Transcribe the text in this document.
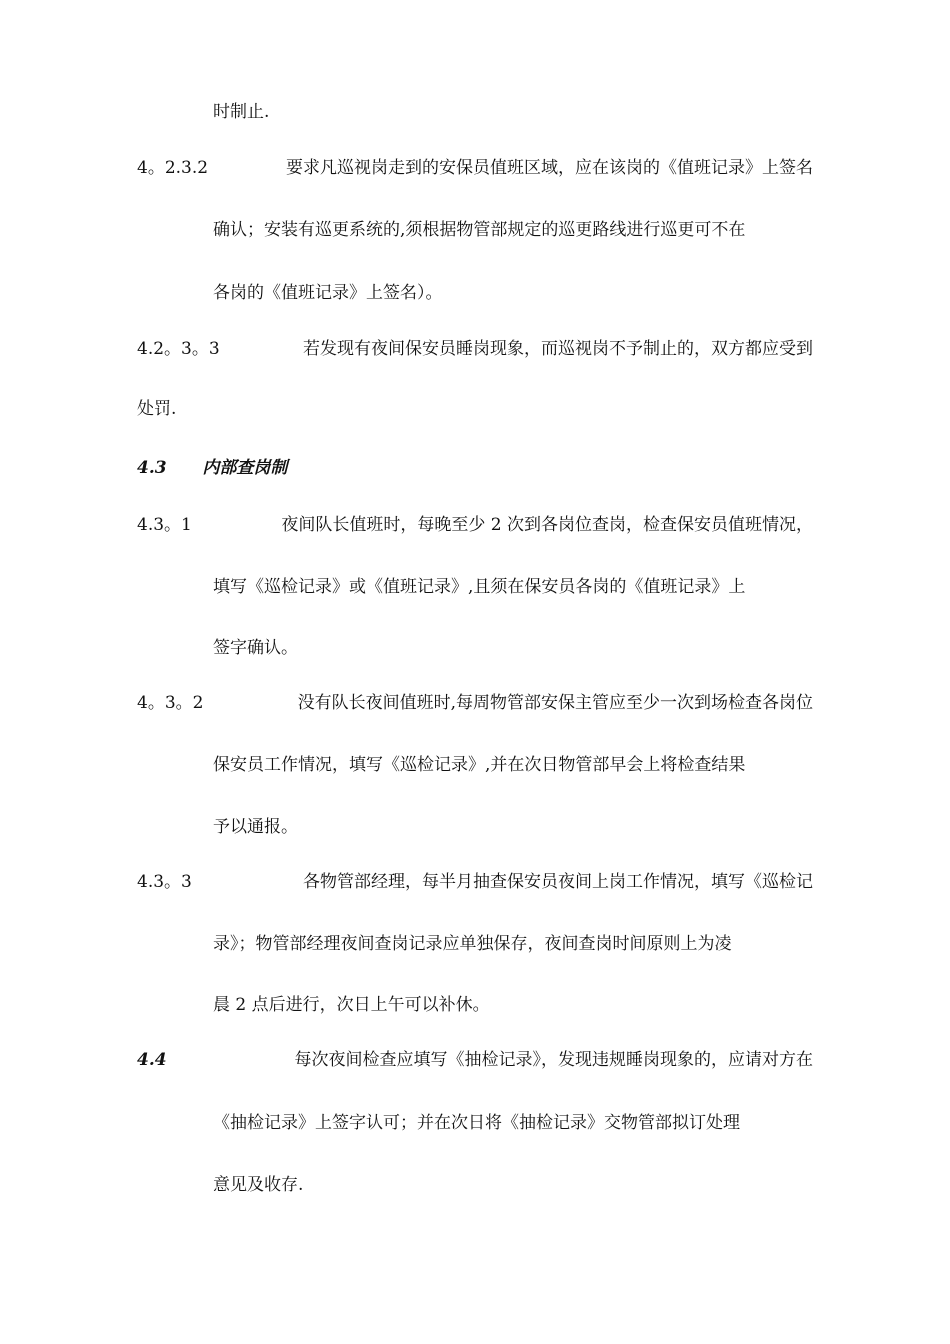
时制止.
4。2.3.2	要求凡巡视岗走到的安保员值班区域，应在该岗的《值班记录》上签名
确认；安装有巡更系统的,须根据物管部规定的巡更路线进行巡更可不在
各岗的《值班记录》上签名）。
4.2。3。3	若发现有夜间保安员睡岗现象，而巡视岗不予制止的，双方都应受到
处罚.
4.3 内部查岗制
4.3。1	夜间队长值班时，每晚至少 2 次到各岗位查岗，检查保安员值班情况，
填写《巡检记录》或《值班记录》,且须在保安员各岗的《值班记录》上
签字确认。
4。3。2	没有队长夜间值班时,每周物管部安保主管应至少一次到场检查各岗位
保安员工作情况，填写《巡检记录》,并在次日物管部早会上将检查结果
予以通报。
4.3。3	各物管部经理，每半月抽查保安员夜间上岗工作情况，填写《巡检记
录》；物管部经理夜间查岗记录应单独保存，夜间查岗时间原则上为凌
晨 2 点后进行，次日上午可以补休。
4.4	每次夜间检查应填写《抽检记录》，发现违规睡岗现象的，应请对方在
《抽检记录》上签字认可；并在次日将《抽检记录》交物管部拟订处理
意见及收存.
